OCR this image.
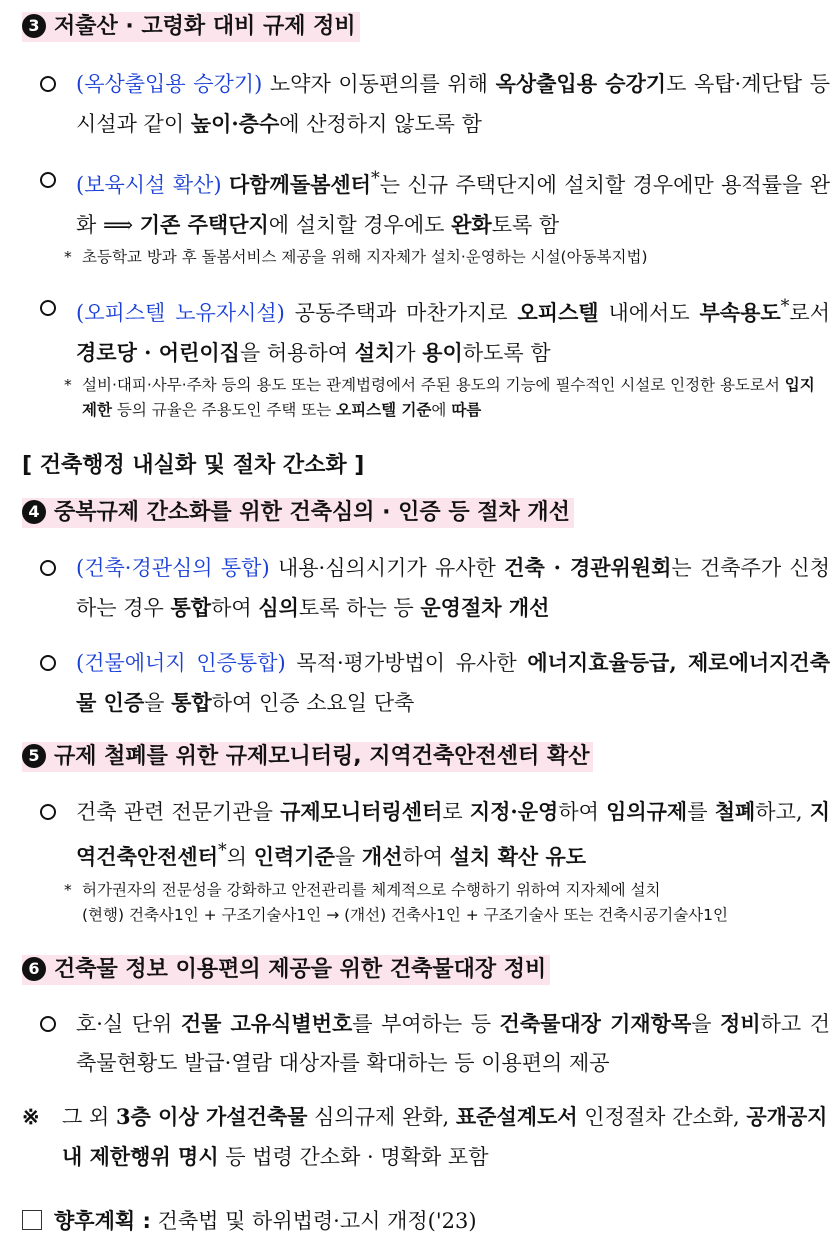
3 저출산 · 고령화 대비 규제 정비
(옥상출입용 승강기) 노약자 이동편의를 위해 옥상출입용 승강기도 옥탑·계단탑 등 시설과 같이 높이·층수에 산정하지 않도록 함
(보육시설 확산) 다함께돌봄센터*는 신규 주택단지에 설치할 경우에만 용적률을 완화 ⟹ 기존 주택단지에 설치할 경우에도 완화토록 함
* 초등학교 방과 후 돌봄서비스 제공을 위해 지자체가 설치·운영하는 시설(아동복지법)
(오피스텔 노유자시설) 공동주택과 마찬가지로 오피스텔 내에서도 부속용도*로서 경로당 · 어린이집을 허용하여 설치가 용이하도록 함
* 설비·대피·사무·주차 등의 용도 또는 관계법령에서 주된 용도의 기능에 필수적인 시설로 인정한 용도로서 입지제한 등의 규율은 주용도인 주택 또는 오피스텔 기준에 따름
[ 건축행정 내실화 및 절차 간소화 ]
4 중복규제 간소화를 위한 건축심의 · 인증 등 절차 개선
(건축·경관심의 통합) 내용·심의시기가 유사한 건축 · 경관위원회는 건축주가 신청하는 경우 통합하여 심의토록 하는 등 운영절차 개선
(건물에너지 인증통합) 목적·평가방법이 유사한 에너지효율등급, 제로에너지건축물 인증을 통합하여 인증 소요일 단축
5 규제 철폐를 위한 규제모니터링, 지역건축안전센터 확산
건축 관련 전문기관을 규제모니터링센터로 지정·운영하여 임의규제를 철폐하고, 지역건축안전센터*의 인력기준을 개선하여 설치 확산 유도
* 허가권자의 전문성을 강화하고 안전관리를 체계적으로 수행하기 위하여 지자체에 설치
(현행) 건축사1인 + 구조기술사1인 → (개선) 건축사1인 + 구조기술사 또는 건축시공기술사1인
6 건축물 정보 이용편의 제공을 위한 건축물대장 정비
호·실 단위 건물 고유식별번호를 부여하는 등 건축물대장 기재항목을 정비하고 건축물현황도 발급·열람 대상자를 확대하는 등 이용편의 제공
※ 그 외 3층 이상 가설건축물 심의규제 완화, 표준설계도서 인정절차 간소화, 공개공지 내 제한행위 명시 등 법령 간소화 · 명확화 포함
향후계획 : 건축법 및 하위법령·고시 개정('23)
